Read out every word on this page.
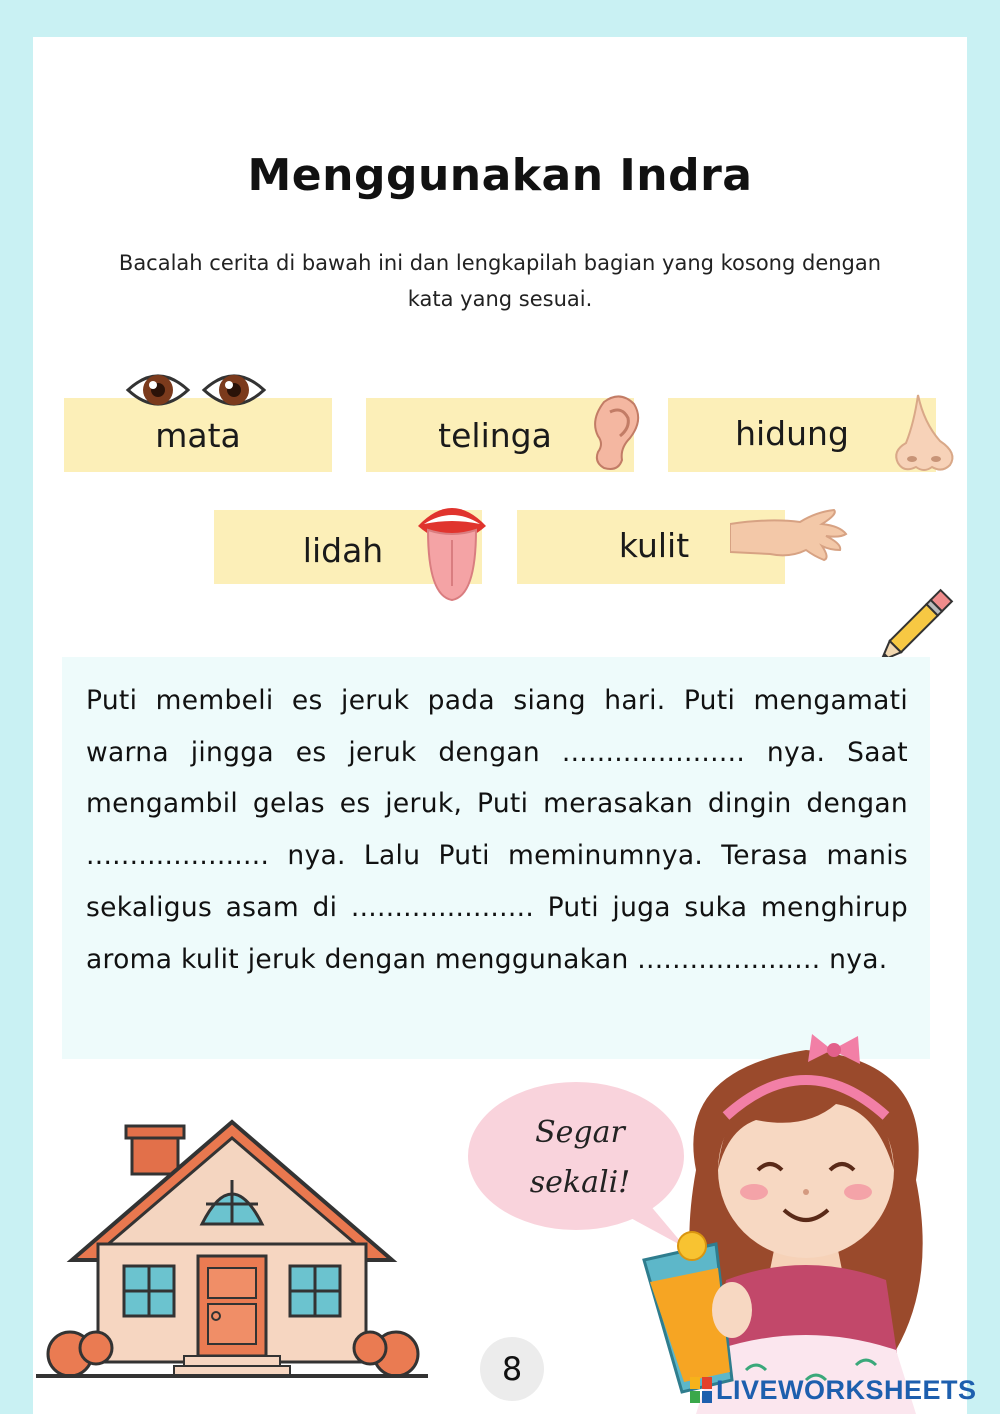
Menggunakan Indra
Bacalah cerita di bawah ini dan lengkapilah bagian yang kosong dengan kata yang sesuai.
mata	telinga	hidung
lidah	kulit

Puti membeli es jeruk pada siang hari. Puti mengamati warna jingga es jeruk dengan ..................... nya. Saat mengambil gelas es jeruk, Puti merasakan dingin dengan ..................... nya. Lalu Puti meminumnya. Terasa manis sekaligus asam di ..................... Puti juga suka menghirup aroma kulit jeruk dengan menggunakan ..................... nya.

Segar
sekali!
8
LIVEWORKSHEETS
